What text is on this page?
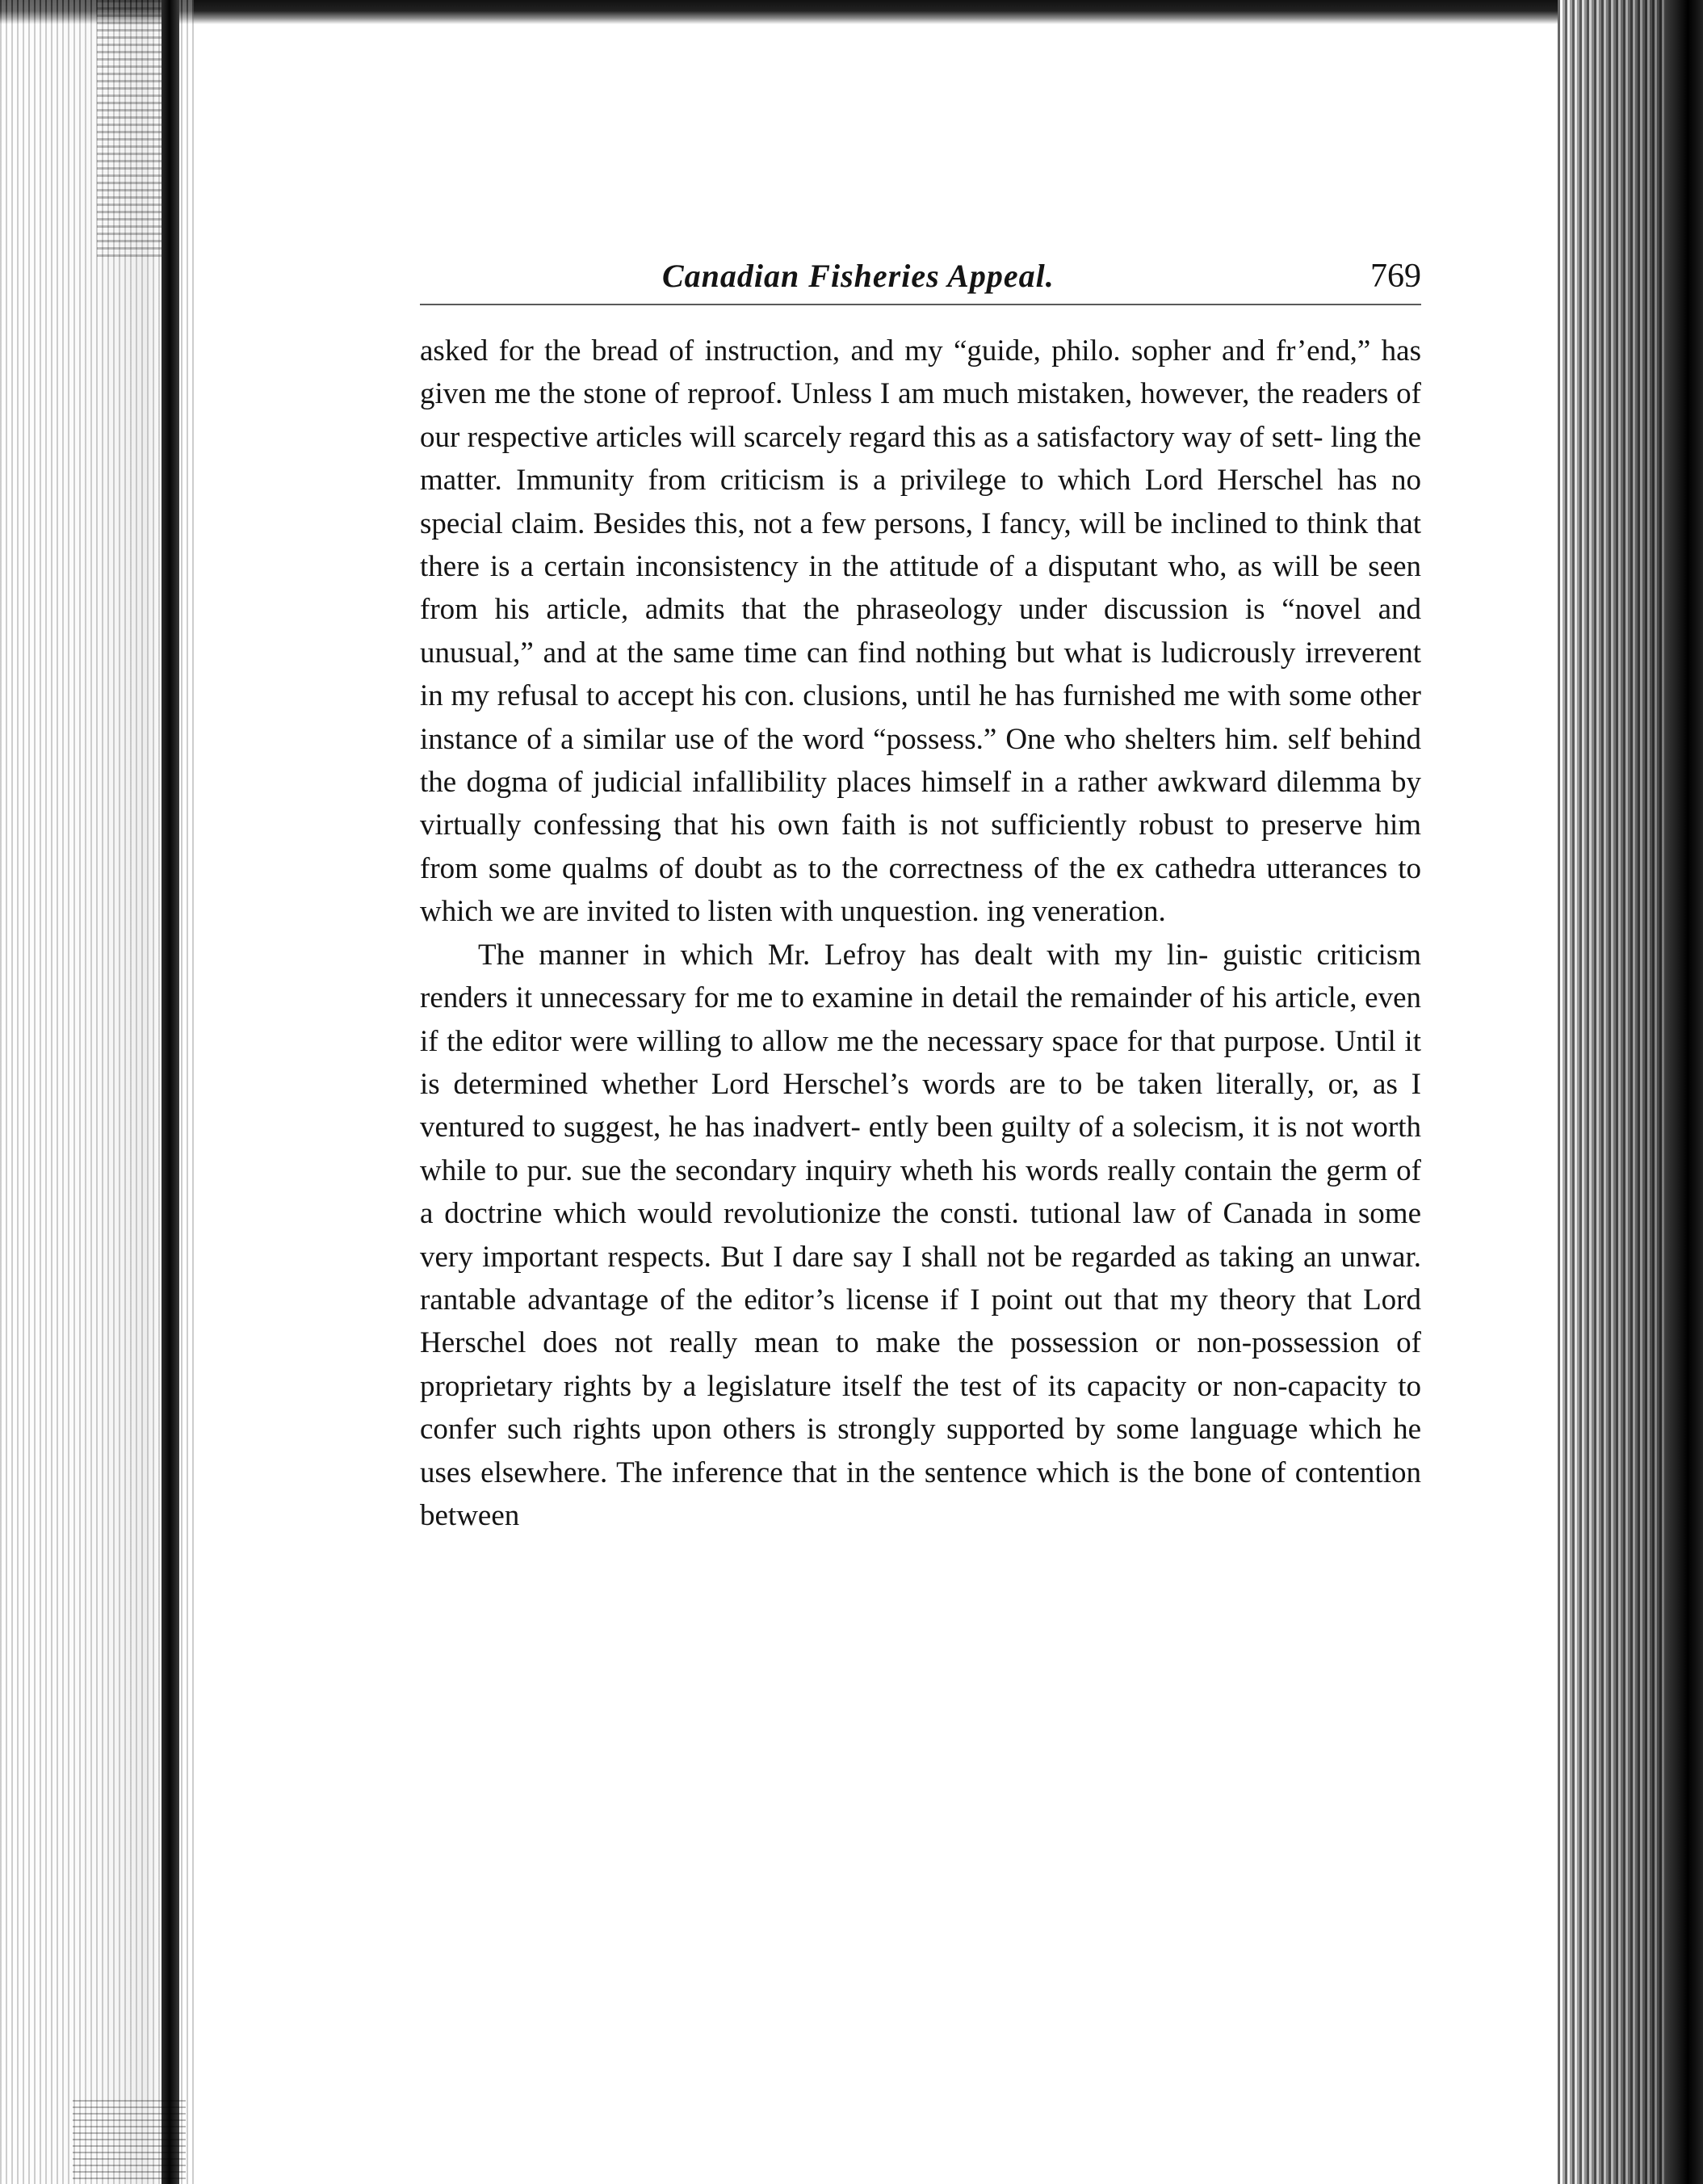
Canadian Fisheries Appeal.	769

asked for the bread of instruction, and my “guide, philo. sopher and fr’end,” has given me the stone of reproof. Unless I am much mistaken, however, the readers of our respective articles will scarcely regard this as a satisfactory way of sett- ling the matter. Immunity from criticism is a privilege to which Lord Herschel has no special claim. Besides this, not a few persons, I fancy, will be inclined to think that there is a certain inconsistency in the attitude of a disputant who, as will be seen from his article, admits that the phraseology under discussion is “novel and unusual,” and at the same time can find nothing but what is ludicrously irreverent in my refusal to accept his con. clusions, until he has furnished me with some other instance of a similar use of the word “possess.” One who shelters him. self behind the dogma of judicial infallibility places himself in a rather awkward dilemma by virtually confessing that his own faith is not sufficiently robust to preserve him from some qualms of doubt as to the correctness of the ex cathedra utterances to which we are invited to listen with unquestion. ing veneration.

The manner in which Mr. Lefroy has dealt with my lin- guistic criticism renders it unnecessary for me to examine in detail the remainder of his article, even if the editor were willing to allow me the necessary space for that purpose. Until it is determined whether Lord Herschel’s words are to be taken literally, or, as I ventured to suggest, he has inadvert- ently been guilty of a solecism, it is not worth while to pur. sue the secondary inquiry wheth his words really contain the germ of a doctrine which would revolutionize the consti. tutional law of Canada in some very important respects. But I dare say I shall not be regarded as taking an unwar. rantable advantage of the editor’s license if I point out that my theory that Lord Herschel does not really mean to make the possession or non-possession of proprietary rights by a legislature itself the test of its capacity or non-capacity to confer such rights upon others is strongly supported by some language which he uses elsewhere. The inference that in the sentence which is the bone of contention between
